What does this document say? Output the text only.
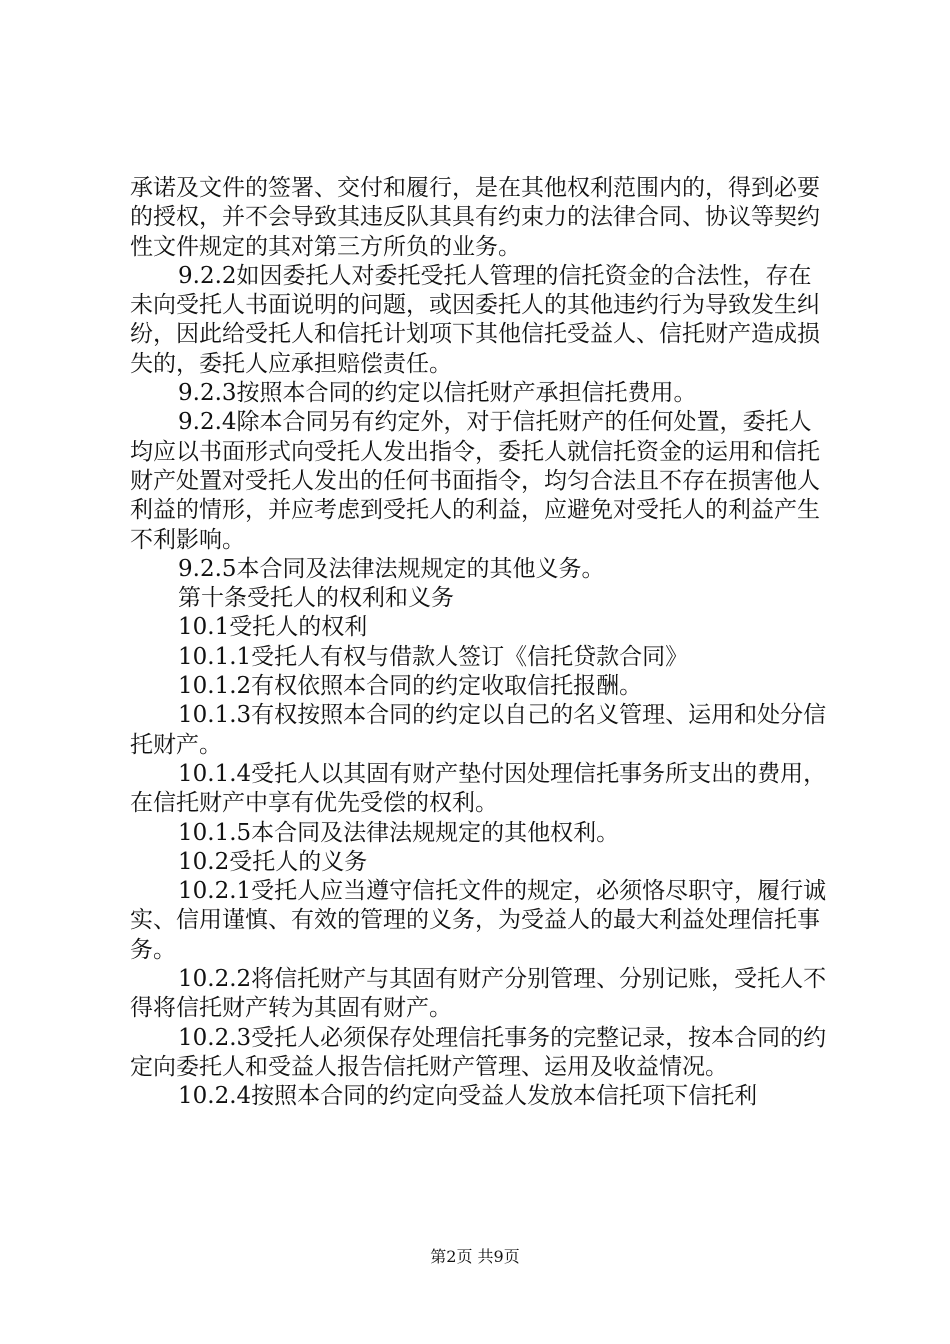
承诺及文件的签署、交付和履行，是在其他权利范围内的，得到必要的授权，并不会导致其违反队其具有约束力的法律合同、协议等契约性文件规定的其对第三方所负的业务。

9.2.2如因委托人对委托受托人管理的信托资金的合法性，存在未向受托人书面说明的问题，或因委托人的其他违约行为导致发生纠纷，因此给受托人和信托计划项下其他信托受益人、信托财产造成损失的，委托人应承担赔偿责任。

9.2.3按照本合同的约定以信托财产承担信托费用。

9.2.4除本合同另有约定外，对于信托财产的任何处置，委托人均应以书面形式向受托人发出指令，委托人就信托资金的运用和信托财产处置对受托人发出的任何书面指令，均匀合法且不存在损害他人利益的情形，并应考虑到受托人的利益，应避免对受托人的利益产生不利影响。

9.2.5本合同及法律法规规定的其他义务。

第十条受托人的权利和义务

10.1受托人的权利

10.1.1受托人有权与借款人签订《信托贷款合同》

10.1.2有权依照本合同的约定收取信托报酬。

10.1.3有权按照本合同的约定以自己的名义管理、运用和处分信托财产。

10.1.4受托人以其固有财产垫付因处理信托事务所支出的费用，在信托财产中享有优先受偿的权利。

10.1.5本合同及法律法规规定的其他权利。

10.2受托人的义务

10.2.1受托人应当遵守信托文件的规定，必须恪尽职守，履行诚实、信用谨慎、有效的管理的义务，为受益人的最大利益处理信托事务。

10.2.2将信托财产与其固有财产分别管理、分别记账，受托人不得将信托财产转为其固有财产。

10.2.3受托人必须保存处理信托事务的完整记录，按本合同的约定向委托人和受益人报告信托财产管理、运用及收益情况。

10.2.4按照本合同的约定向受益人发放本信托项下信托利

第2页 共9页
